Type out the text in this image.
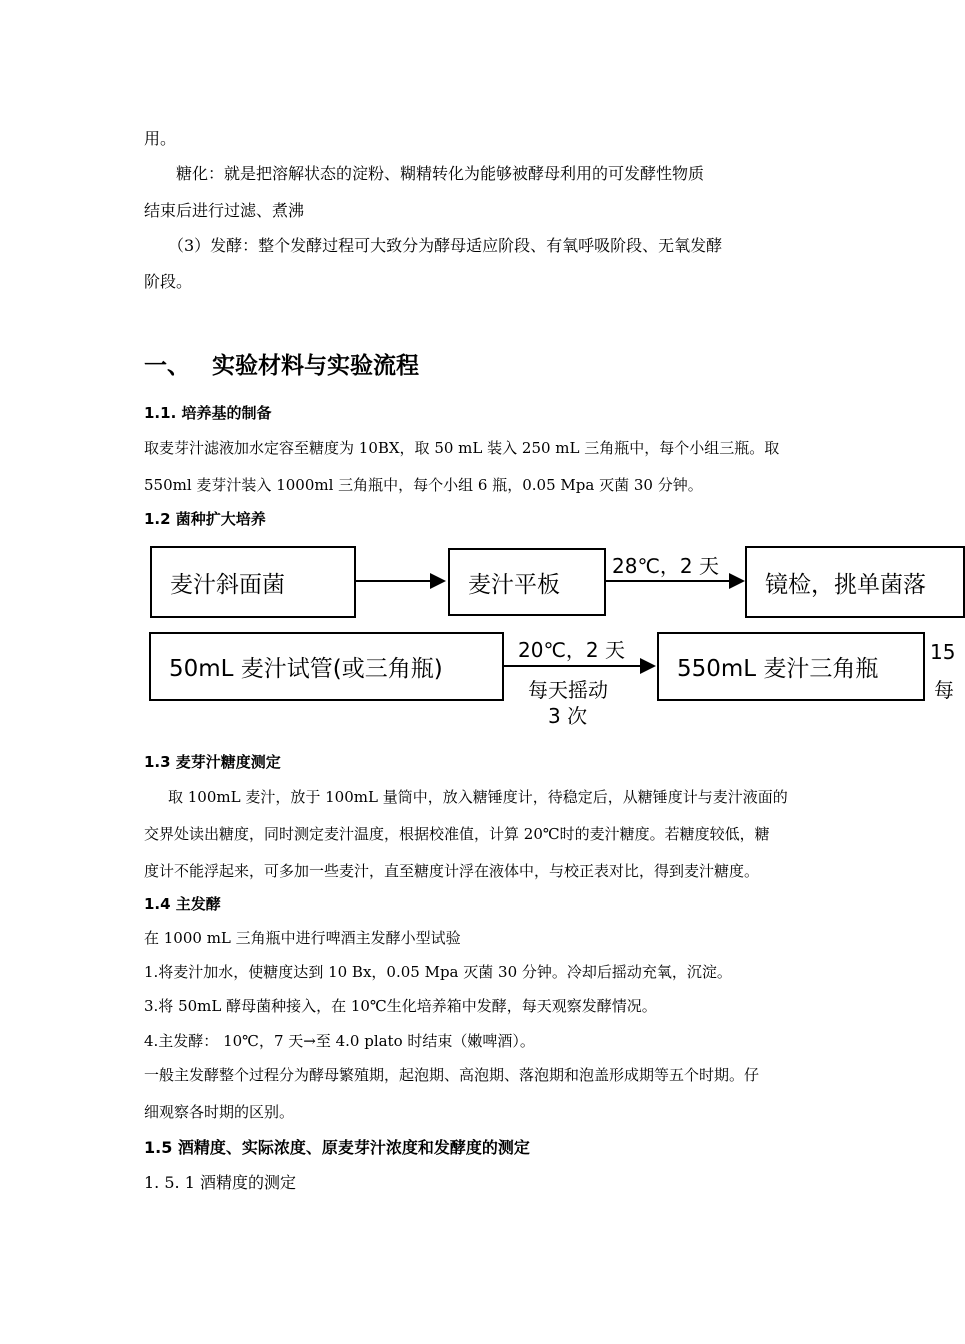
用。

糖化：就是把溶解状态的淀粉、糊精转化为能够被酵母利用的可发酵性物质

结束后进行过滤、煮沸

（3）发酵：整个发酵过程可大致分为酵母适应阶段、有氧呼吸阶段、无氧发酵

阶段。

一、 实验材料与实验流程
1.1. 培养基的制备

取麦芽汁滤液加水定容至糖度为 10BX，取 50 mL 装入 250 mL 三角瓶中，每个小组三瓶。取

550ml 麦芽汁装入 1000ml 三角瓶中，每个小组 6 瓶，0.05 Mpa 灭菌 30 分钟。

1.2 菌种扩大培养
麦汁斜面菌	麦汁平板	镜检，挑单菌落
28℃，2 天
50mL 麦汁试管(或三角瓶)	550mL 麦汁三角瓶
20℃，2 天
每天摇动
3 次
15
每
1.3 麦芽汁糖度测定

取 100mL 麦汁，放于 100mL 量筒中，放入糖锤度计，待稳定后，从糖锤度计与麦汁液面的

交界处读出糖度，同时测定麦汁温度，根据校准值，计算 20℃时的麦汁糖度。若糖度较低，糖

度计不能浮起来，可多加一些麦汁，直至糖度计浮在液体中，与校正表对比，得到麦汁糖度。

1.4 主发酵

在 1000 mL 三角瓶中进行啤酒主发酵小型试验

1.将麦汁加水，使糖度达到 10 Bx，0.05 Mpa 灭菌 30 分钟。冷却后摇动充氧，沉淀。

3.将 50mL 酵母菌种接入，在 10℃生化培养箱中发酵，每天观察发酵情况。

4.主发酵： 10℃，7 天→至 4.0 plato 时结束（嫩啤酒）。

一般主发酵整个过程分为酵母繁殖期，起泡期、高泡期、落泡期和泡盖形成期等五个时期。仔

细观察各时期的区别。

1.5 酒精度、实际浓度、原麦芽汁浓度和发酵度的测定

1. 5. 1 酒精度的测定
